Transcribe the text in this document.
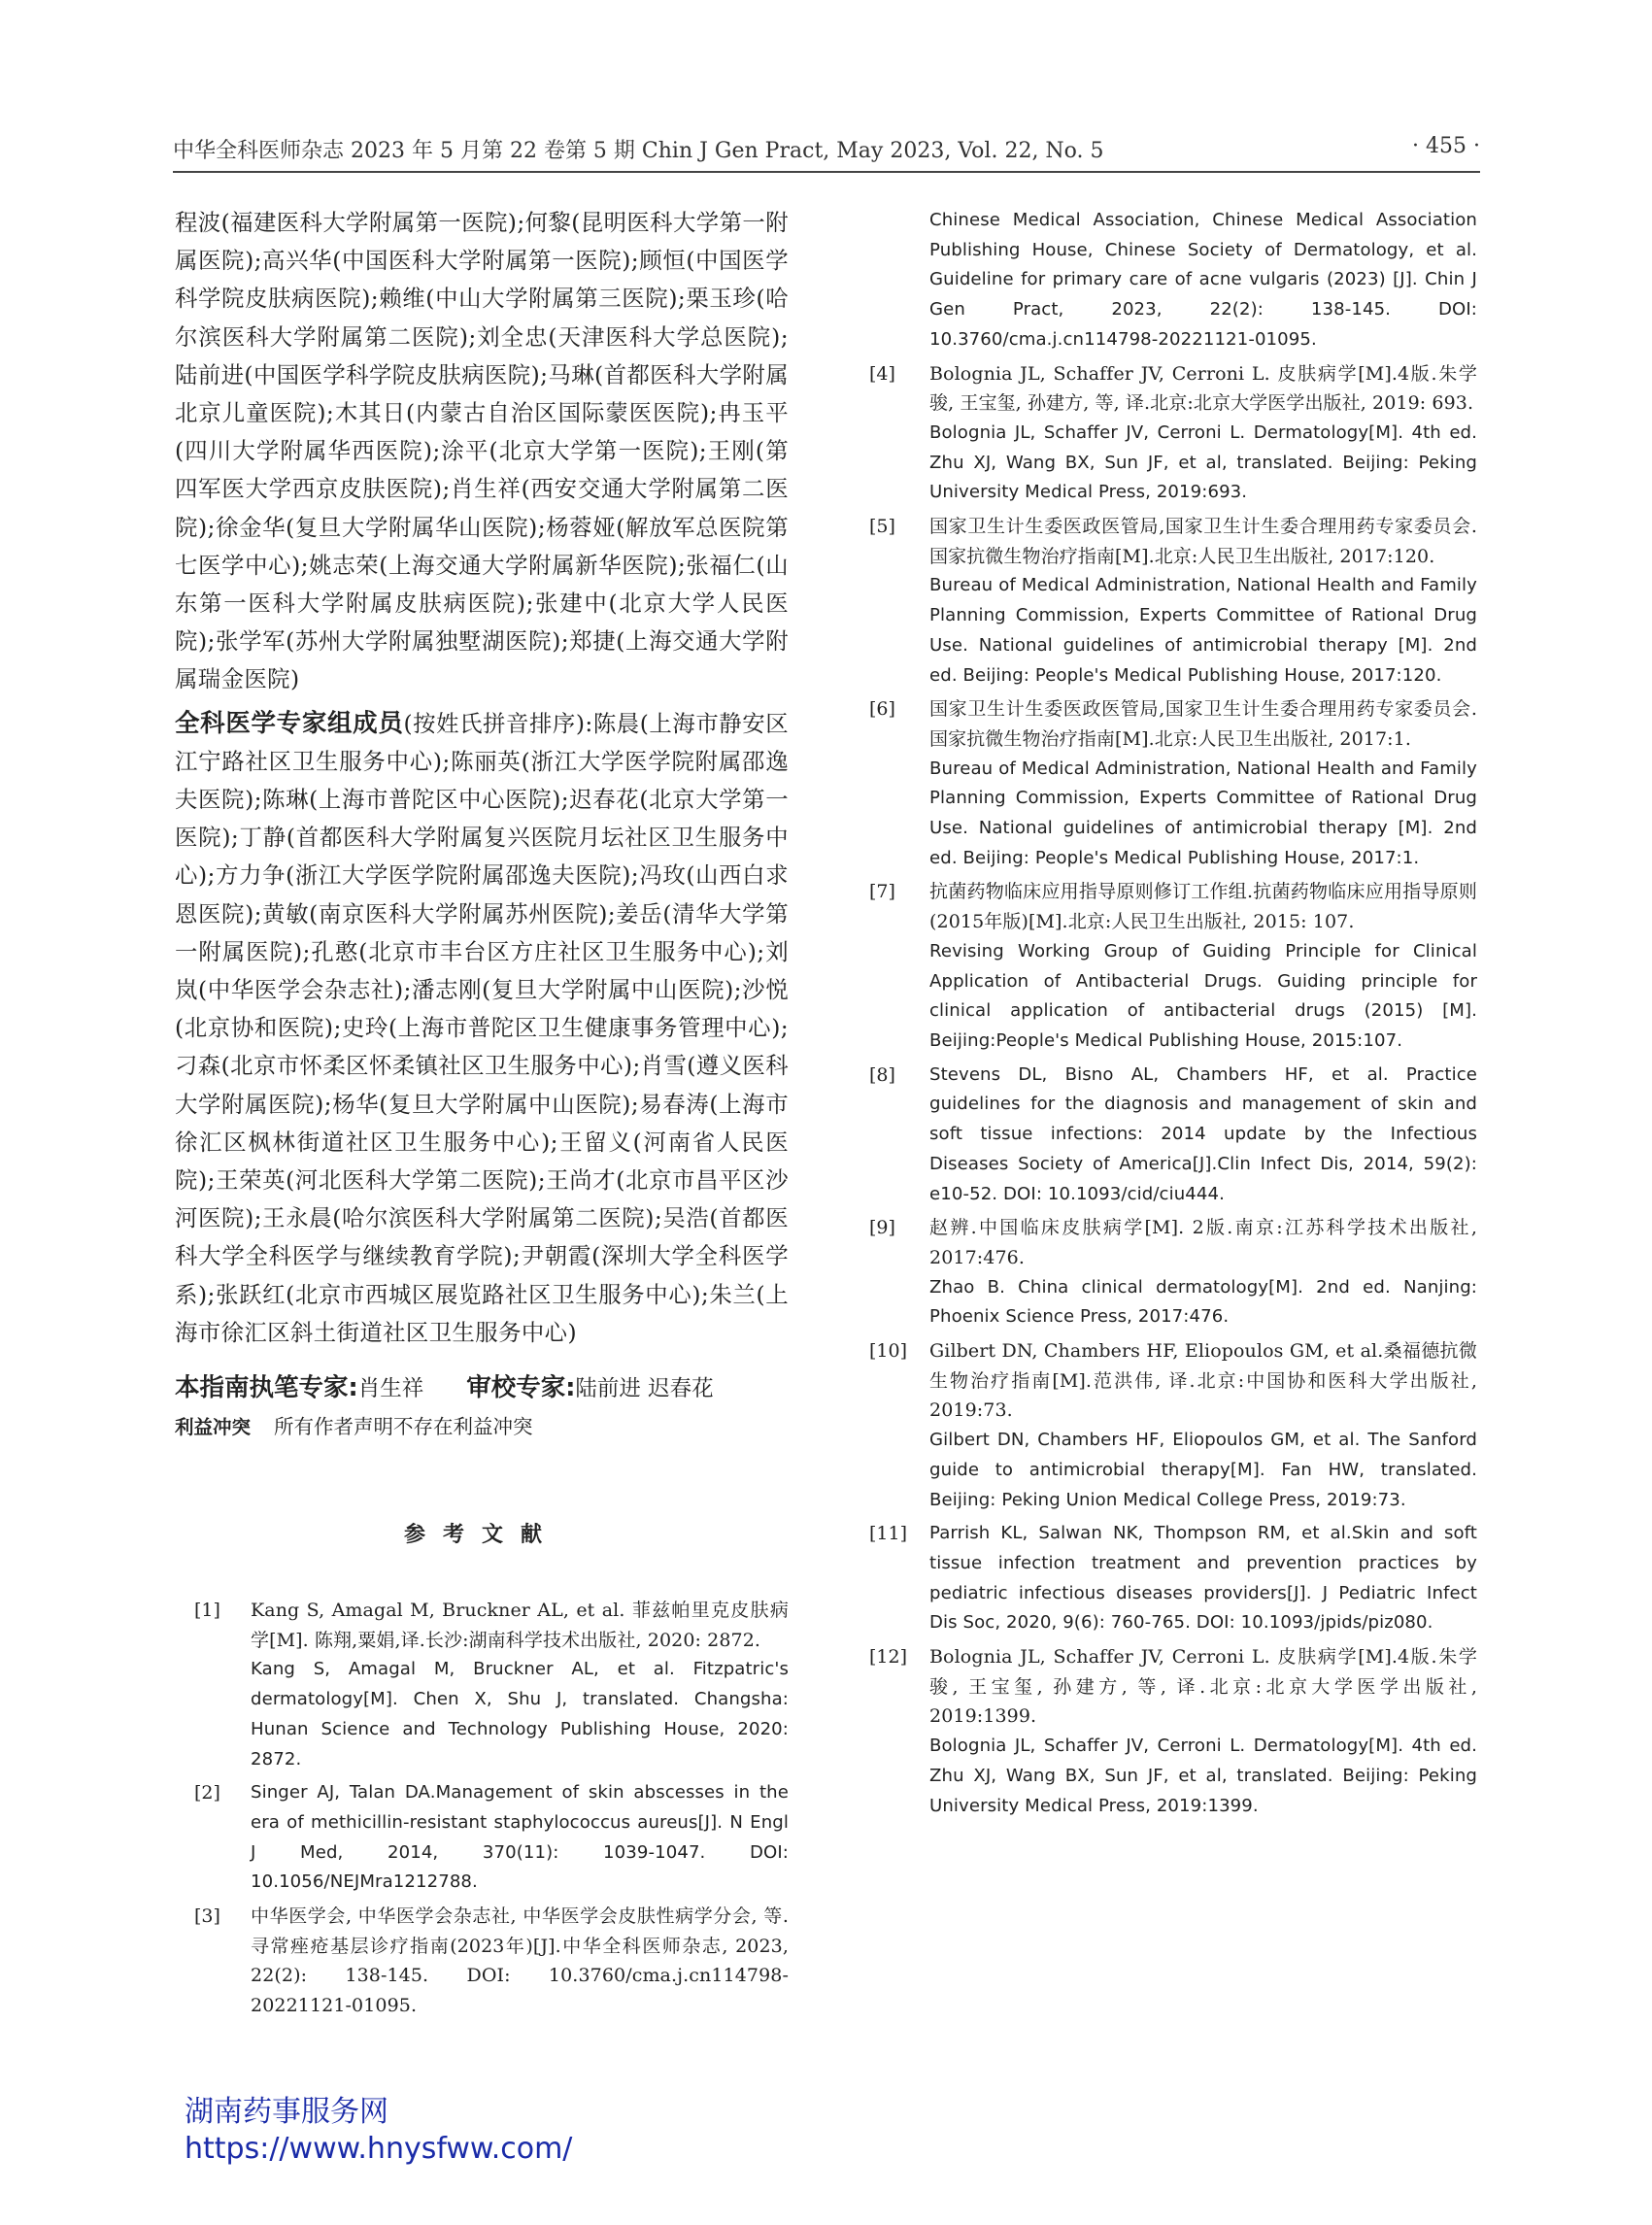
中华全科医师杂志 2023 年 5 月第 22 卷第 5 期 Chin J Gen Pract, May 2023, Vol. 22, No. 5	· 455 ·

程波(福建医科大学附属第一医院);何黎(昆明医科大学第一附属医院);高兴华(中国医科大学附属第一医院);顾恒(中国医学科学院皮肤病医院);赖维(中山大学附属第三医院);栗玉珍(哈尔滨医科大学附属第二医院);刘全忠(天津医科大学总医院);陆前进(中国医学科学院皮肤病医院);马琳(首都医科大学附属北京儿童医院);木其日(内蒙古自治区国际蒙医医院);冉玉平(四川大学附属华西医院);涂平(北京大学第一医院);王刚(第四军医大学西京皮肤医院);肖生祥(西安交通大学附属第二医院);徐金华(复旦大学附属华山医院);杨蓉娅(解放军总医院第七医学中心);姚志荣(上海交通大学附属新华医院);张福仁(山东第一医科大学附属皮肤病医院);张建中(北京大学人民医院);张学军(苏州大学附属独墅湖医院);郑捷(上海交通大学附属瑞金医院)

全科医学专家组成员(按姓氏拼音排序):陈晨(上海市静安区江宁路社区卫生服务中心);陈丽英(浙江大学医学院附属邵逸夫医院);陈琳(上海市普陀区中心医院);迟春花(北京大学第一医院);丁静(首都医科大学附属复兴医院月坛社区卫生服务中心);方力争(浙江大学医学院附属邵逸夫医院);冯玫(山西白求恩医院);黄敏(南京医科大学附属苏州医院);姜岳(清华大学第一附属医院);孔憨(北京市丰台区方庄社区卫生服务中心);刘岚(中华医学会杂志社);潘志刚(复旦大学附属中山医院);沙悦(北京协和医院);史玲(上海市普陀区卫生健康事务管理中心);刁森(北京市怀柔区怀柔镇社区卫生服务中心);肖雪(遵义医科大学附属医院);杨华(复旦大学附属中山医院);易春涛(上海市徐汇区枫林街道社区卫生服务中心);王留义(河南省人民医院);王荣英(河北医科大学第二医院);王尚才(北京市昌平区沙河医院);王永晨(哈尔滨医科大学附属第二医院);吴浩(首都医科大学全科医学与继续教育学院);尹朝霞(深圳大学全科医学系);张跃红(北京市西城区展览路社区卫生服务中心);朱兰(上海市徐汇区斜土街道社区卫生服务中心)

本指南执笔专家:肖生祥 审校专家:陆前进 迟春花
利益冲突 所有作者声明不存在利益冲突
参考文献
[1] Kang S, Amagal M, Bruckner AL, et al. 菲兹帕里克皮肤病学[M]. 陈翔,粟娟,译.长沙:湖南科学技术出版社, 2020: 2872.

Kang S, Amagal M, Bruckner AL, et al. Fitzpatric's dermatology[M]. Chen X, Shu J, translated. Changsha: Hunan Science and Technology Publishing House, 2020: 2872.

[2] Singer AJ, Talan DA.Management of skin abscesses in the era of methicillin-resistant staphylococcus aureus[J]. N Engl J Med, 2014, 370(11): 1039-1047. DOI: 10.1056/NEJMra1212788.

[3] 中华医学会, 中华医学会杂志社, 中华医学会皮肤性病学分会, 等.寻常痤疮基层诊疗指南(2023年)[J].中华全科医师杂志, 2023, 22(2): 138-145. DOI: 10.3760/cma.j.cn114798-20221121-01095.

Chinese Medical Association, Chinese Medical Association Publishing House, Chinese Society of Dermatology, et al. Guideline for primary care of acne vulgaris (2023) [J]. Chin J Gen Pract, 2023, 22(2): 138-145. DOI: 10.3760/cma.j.cn114798-20221121-01095.

[4] Bolognia JL, Schaffer JV, Cerroni L. 皮肤病学[M].4版.朱学骏, 王宝玺, 孙建方, 等, 译.北京:北京大学医学出版社, 2019: 693.

Bolognia JL, Schaffer JV, Cerroni L. Dermatology[M]. 4th ed. Zhu XJ, Wang BX, Sun JF, et al, translated. Beijing: Peking University Medical Press, 2019:693.

[5] 国家卫生计生委医政医管局,国家卫生计生委合理用药专家委员会.国家抗微生物治疗指南[M].北京:人民卫生出版社, 2017:120.

Bureau of Medical Administration, National Health and Family Planning Commission, Experts Committee of Rational Drug Use. National guidelines of antimicrobial therapy [M]. 2nd ed. Beijing: People's Medical Publishing House, 2017:120.

[6] 国家卫生计生委医政医管局,国家卫生计生委合理用药专家委员会.国家抗微生物治疗指南[M].北京:人民卫生出版社, 2017:1.

Bureau of Medical Administration, National Health and Family Planning Commission, Experts Committee of Rational Drug Use. National guidelines of antimicrobial therapy [M]. 2nd ed. Beijing: People's Medical Publishing House, 2017:1.

[7] 抗菌药物临床应用指导原则修订工作组.抗菌药物临床应用指导原则(2015年版)[M].北京:人民卫生出版社, 2015: 107.

Revising Working Group of Guiding Principle for Clinical Application of Antibacterial Drugs. Guiding principle for clinical application of antibacterial drugs (2015) [M]. Beijing:People's Medical Publishing House, 2015:107.

[8] Stevens DL, Bisno AL, Chambers HF, et al. Practice guidelines for the diagnosis and management of skin and soft tissue infections: 2014 update by the Infectious Diseases Society of America[J].Clin Infect Dis, 2014, 59(2): e10-52. DOI: 10.1093/cid/ciu444.

[9] 赵辨.中国临床皮肤病学[M]. 2版.南京:江苏科学技术出版社, 2017:476.

Zhao B. China clinical dermatology[M]. 2nd ed. Nanjing: Phoenix Science Press, 2017:476.

[10] Gilbert DN, Chambers HF, Eliopoulos GM, et al.桑福德抗微生物治疗指南[M].范洪伟, 译.北京:中国协和医科大学出版社, 2019:73.

Gilbert DN, Chambers HF, Eliopoulos GM, et al. The Sanford guide to antimicrobial therapy[M]. Fan HW, translated. Beijing: Peking Union Medical College Press, 2019:73.

[11] Parrish KL, Salwan NK, Thompson RM, et al.Skin and soft tissue infection treatment and prevention practices by pediatric infectious diseases providers[J]. J Pediatric Infect Dis Soc, 2020, 9(6): 760-765. DOI: 10.1093/jpids/piz080.

[12] Bolognia JL, Schaffer JV, Cerroni L. 皮肤病学[M].4版.朱学骏, 王宝玺, 孙建方, 等, 译.北京:北京大学医学出版社, 2019:1399.

Bolognia JL, Schaffer JV, Cerroni L. Dermatology[M]. 4th ed. Zhu XJ, Wang BX, Sun JF, et al, translated. Beijing: Peking University Medical Press, 2019:1399.

湖南药事服务网
https://www.hnysfww.com/
